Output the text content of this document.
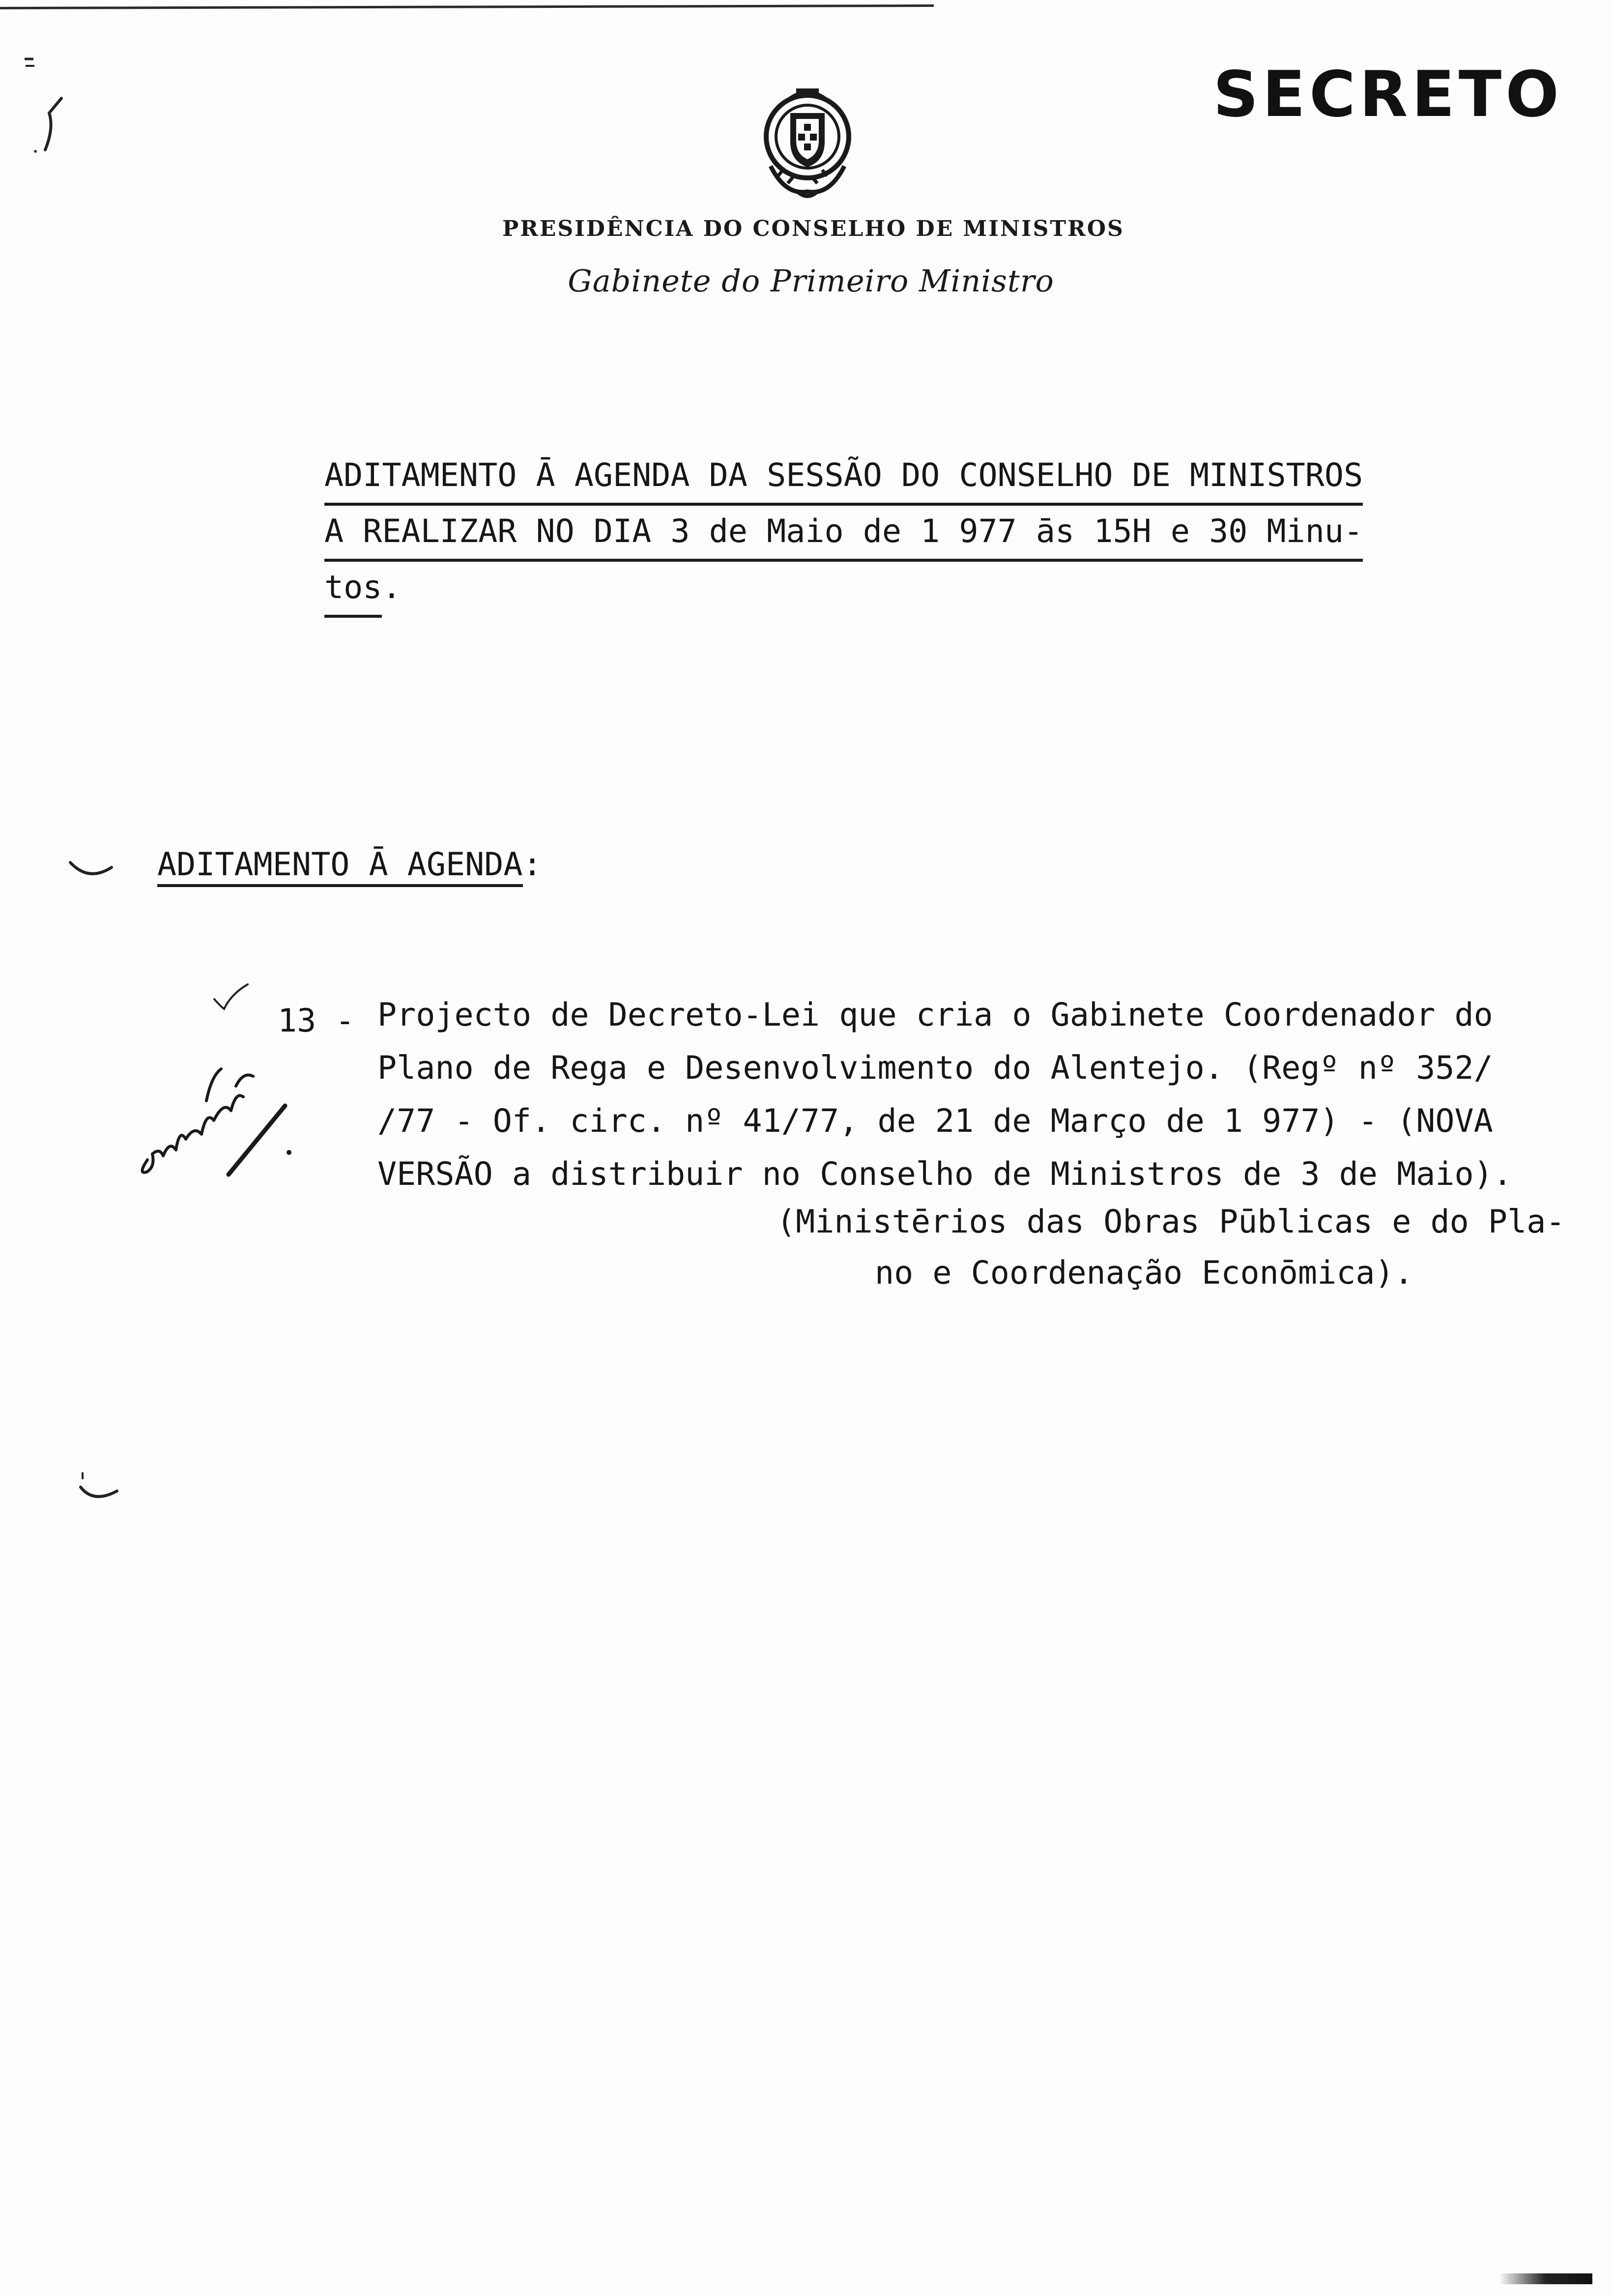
SECRETO
PRESIDÊNCIA DO CONSELHO DE MINISTROS
Gabinete do Primeiro Ministro
ADITAMENTO Ā AGENDA DA SESSÃO DO CONSELHO DE MINISTROS
A REALIZAR NO DIA 3 de Maio de 1 977 ās 15H e 30 Minu-
tos.
ADITAMENTO Ā AGENDA:
13 - Projecto de Decreto-Lei que cria o Gabinete Coordenador do
Plano de Rega e Desenvolvimento do Alentejo. (Regº nº 352/
/77 - Of. circ. nº 41/77, de 21 de Março de 1 977) - (NOVA
VERSÃO a distribuir no Conselho de Ministros de 3 de Maio).
(Ministērios das Obras Pūblicas e do Pla-
no e Coordenação Econōmica).
